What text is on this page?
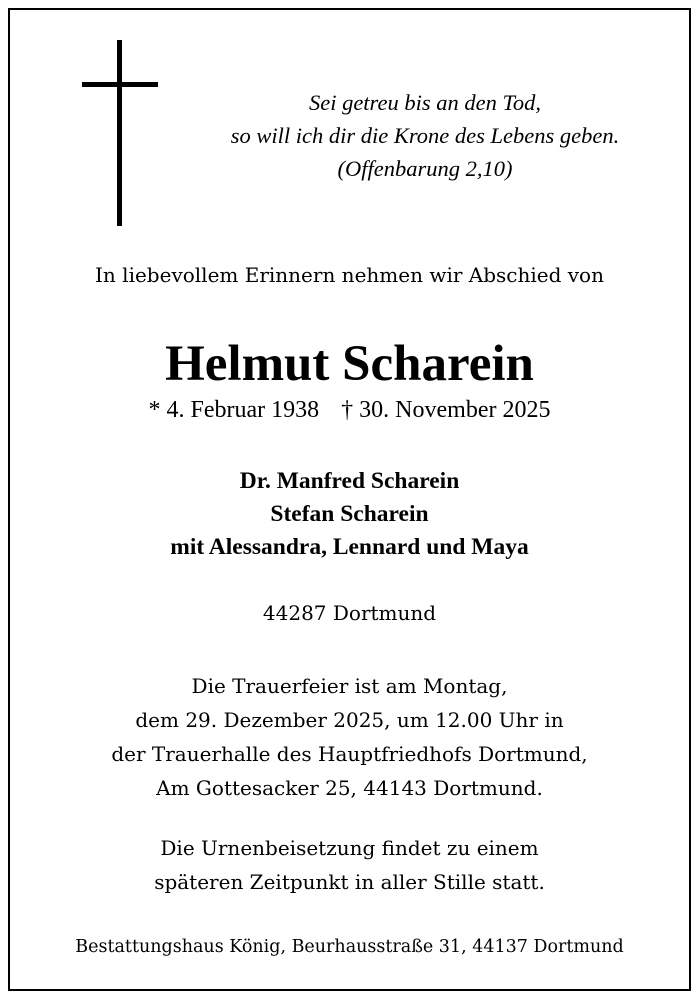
Sei getreu bis an den Tod,
so will ich dir die Krone des Lebens geben.
(Offenbarung 2,10)
In liebevollem Erinnern nehmen wir Abschied von
Helmut Scharein
* 4. Februar 1938 † 30. November 2025
Dr. Manfred Scharein
Stefan Scharein
mit Alessandra, Lennard und Maya
44287 Dortmund
Die Trauerfeier ist am Montag,
dem 29. Dezember 2025, um 12.00 Uhr in
der Trauerhalle des Hauptfriedhofs Dortmund,
Am Gottesacker 25, 44143 Dortmund.
Die Urnenbeisetzung findet zu einem
späteren Zeitpunkt in aller Stille statt.
Bestattungshaus König, Beurhausstraße 31, 44137 Dortmund
